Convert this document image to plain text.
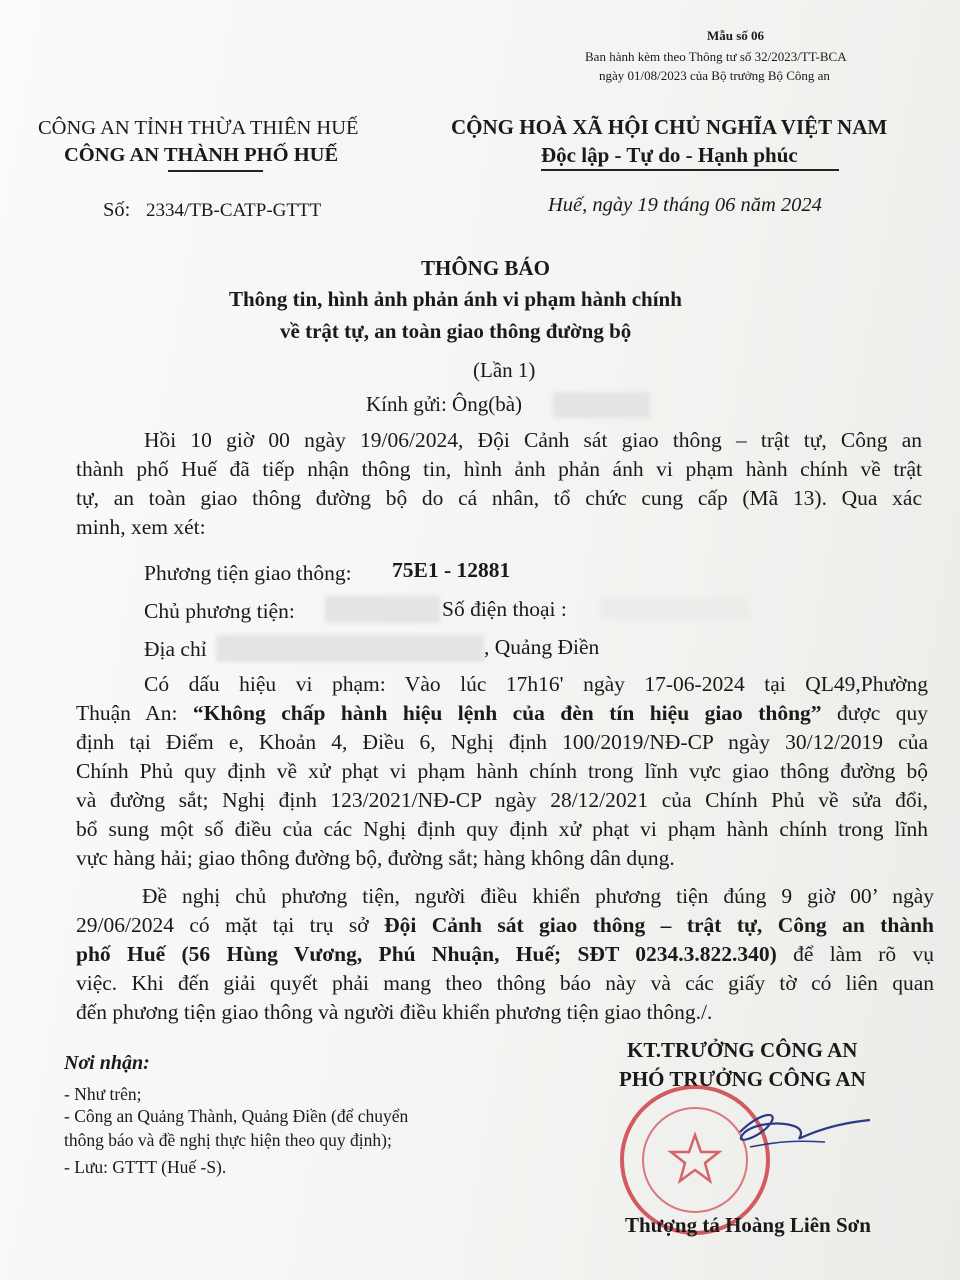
Mẫu số 06
Ban hành kèm theo Thông tư số 32/2023/TT-BCA
ngày 01/08/2023 của Bộ trưởng Bộ Công an
CÔNG AN TỈNH THỪA THIÊN HUẾ
CÔNG AN THÀNH PHỐ HUẾ
CỘNG HOÀ XÃ HỘI CHỦ NGHĨA VIỆT NAM
Độc lập - Tự do - Hạnh phúc
Số: 2334/TB-CATP-GTTT	Huế, ngày 19 tháng 06 năm 2024
THÔNG BÁO
Thông tin, hình ảnh phản ánh vi phạm hành chính
về trật tự, an toàn giao thông đường bộ
(Lần 1)
Kính gửi: Ông(bà)
Hồi 10 giờ 00 ngày 19/06/2024, Đội Cảnh sát giao thông – trật tự, Công an
thành phố Huế đã tiếp nhận thông tin, hình ảnh phản ánh vi phạm hành chính về trật
tự, an toàn giao thông đường bộ do cá nhân, tổ chức cung cấp (Mã 13). Qua xác
minh, xem xét:
Phương tiện giao thông: 75E1 - 12881
Chủ phương tiện:	Số điện thoại :
Địa chỉ	, Quảng Điền
Có dấu hiệu vi phạm: Vào lúc 17h16' ngày 17-06-2024 tại QL49,Phường
Thuận An: “Không chấp hành hiệu lệnh của đèn tín hiệu giao thông” được quy
định tại Điểm e, Khoản 4, Điều 6, Nghị định 100/2019/NĐ-CP ngày 30/12/2019 của
Chính Phủ quy định về xử phạt vi phạm hành chính trong lĩnh vực giao thông đường bộ
và đường sắt; Nghị định 123/2021/NĐ-CP ngày 28/12/2021 của Chính Phủ về sửa đổi,
bổ sung một số điều của các Nghị định quy định xử phạt vi phạm hành chính trong lĩnh
vực hàng hải; giao thông đường bộ, đường sắt; hàng không dân dụng.
Đề nghị chủ phương tiện, người điều khiển phương tiện đúng 9 giờ 00’ ngày
29/06/2024 có mặt tại trụ sở Đội Cảnh sát giao thông – trật tự, Công an thành
phố Huế (56 Hùng Vương, Phú Nhuận, Huế; SĐT 0234.3.822.340) để làm rõ vụ
việc. Khi đến giải quyết phải mang theo thông báo này và các giấy tờ có liên quan
đến phương tiện giao thông và người điều khiển phương tiện giao thông./.
Nơi nhận:
- Như trên;
- Công an Quảng Thành, Quảng Điền (để chuyển
thông báo và đề nghị thực hiện theo quy định);
- Lưu: GTTT (Huế -S).
KT.TRƯỞNG CÔNG AN
PHÓ TRƯỞNG CÔNG AN
Thượng tá Hoàng Liên Sơn
